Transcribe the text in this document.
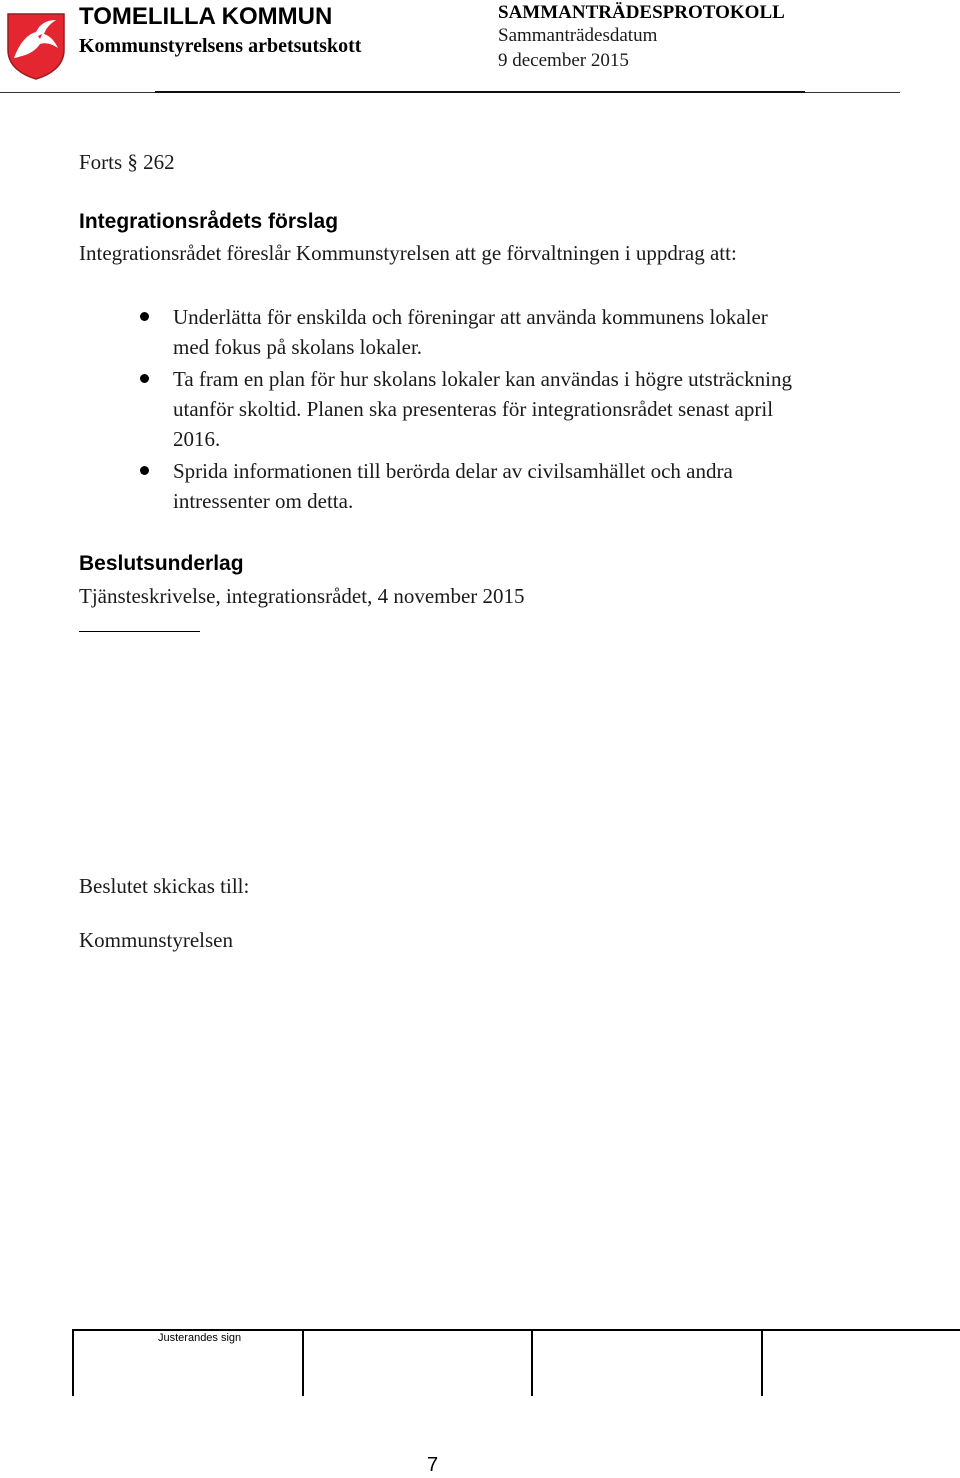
TOMELILLA KOMMUN
Kommunstyrelsens arbetsutskott
SAMMANTRÄDESPROTOKOLL
Sammanträdesdatum
9 december 2015
Forts § 262
Integrationsrådets förslag
Integrationsrådet föreslår Kommunstyrelsen att ge förvaltningen i uppdrag att:
Underlätta för enskilda och föreningar att använda kommunens lokaler med fokus på skolans lokaler.
Ta fram en plan för hur skolans lokaler kan användas i högre utsträckning utanför skoltid. Planen ska presenteras för integrationsrådet senast april 2016.
Sprida informationen till berörda delar av civilsamhället och andra intressenter om detta.
Beslutsunderlag
Tjänsteskrivelse, integrationsrådet, 4 november 2015
Beslutet skickas till:
Kommunstyrelsen
Justerandes sign
7
